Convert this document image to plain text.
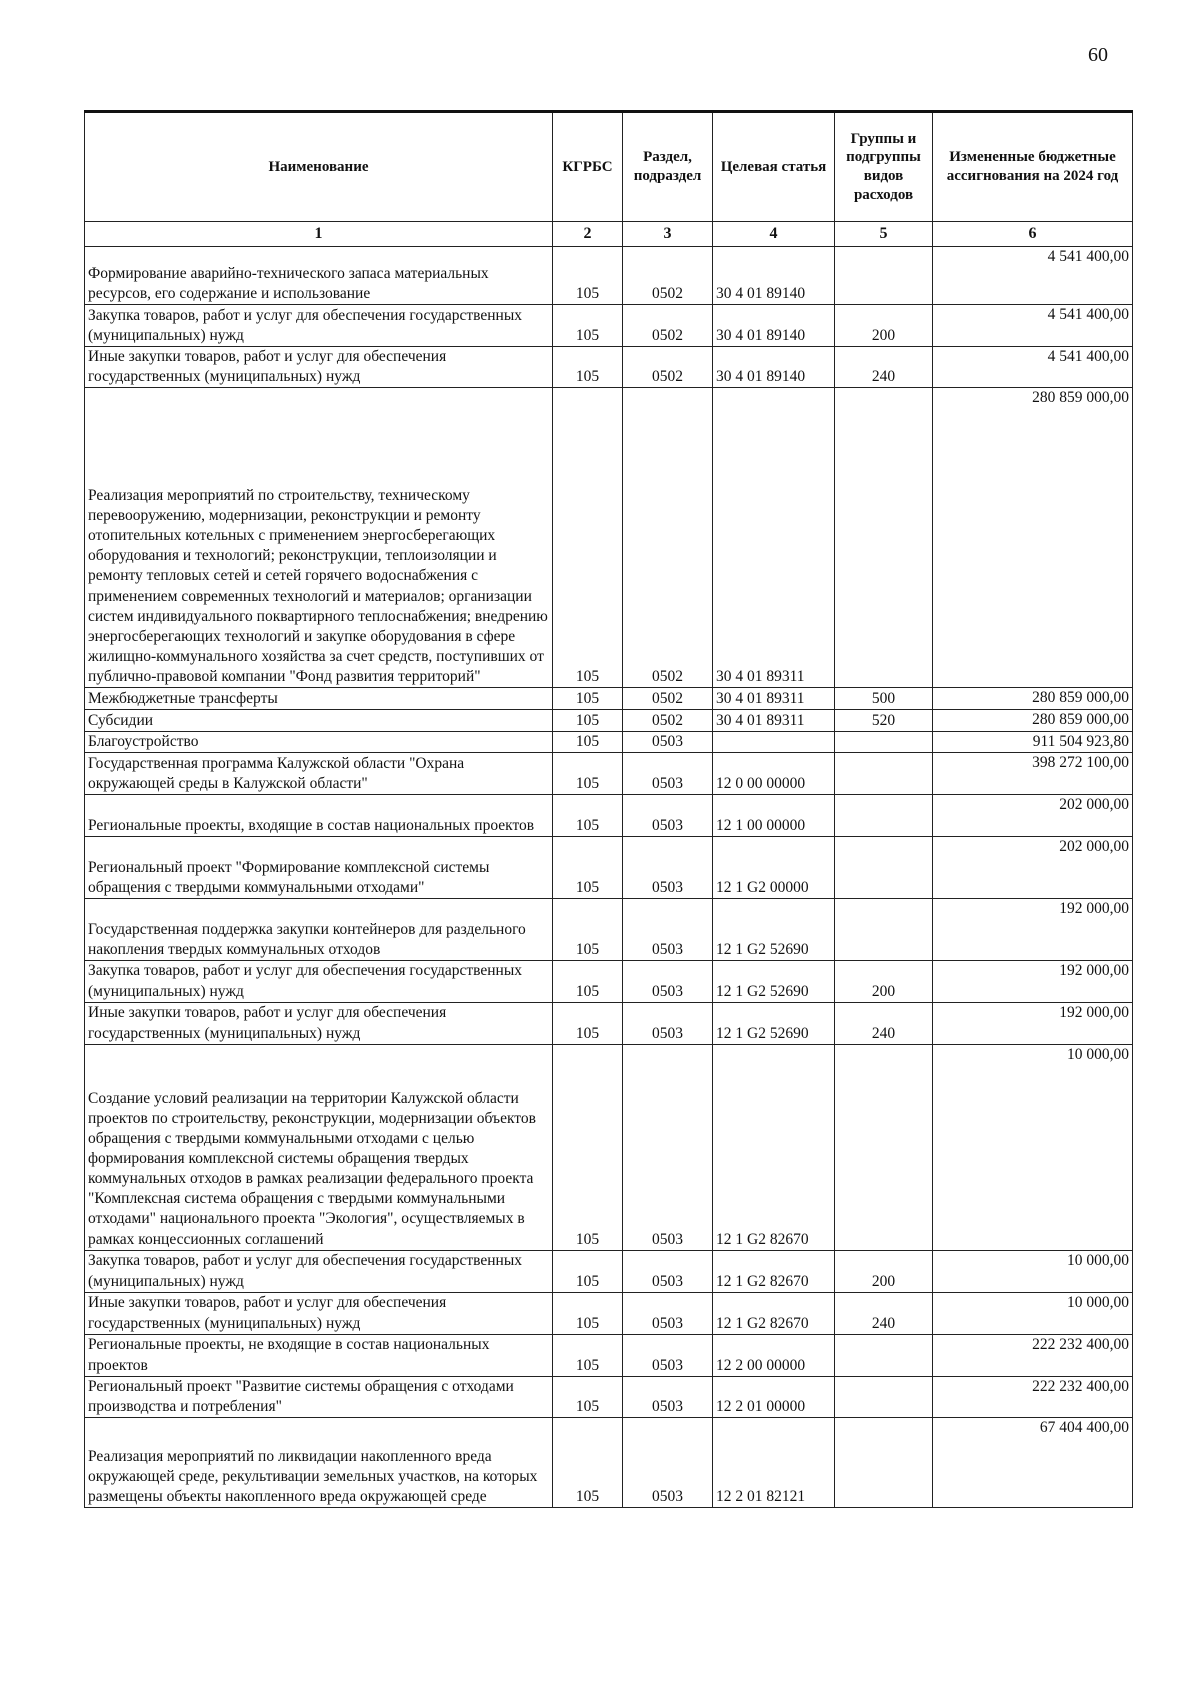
60
Наименование	КГРБС	Раздел, подраздел	Целевая статья	Группы и подгруппы видов расходов	Измененные бюджетные ассигнования на 2024 год
1	2	3	4	5	6
Формирование аварийно-технического запаса материальных ресурсов, его содержание и использование	105	0502	30 4 01 89140		4 541 400,00
Закупка товаров, работ и услуг для обеспечения государственных (муниципальных) нужд	105	0502	30 4 01 89140	200	4 541 400,00
Иные закупки товаров, работ и услуг для обеспечения государственных (муниципальных) нужд	105	0502	30 4 01 89140	240	4 541 400,00
Реализация мероприятий по строительству, техническому перевооружению, модернизации, реконструкции и ремонту отопительных котельных с применением энергосберегающих оборудования и технологий; реконструкции, теплоизоляции и ремонту тепловых сетей и сетей горячего водоснабжения с применением современных технологий и материалов; организации систем индивидуального поквартирного теплоснабжения; внедрению энергосберегающих технологий и закупке оборудования в сфере жилищно-коммунального хозяйства за счет средств, поступивших от публично-правовой компании "Фонд развития территорий"	105	0502	30 4 01 89311		280 859 000,00
Межбюджетные трансферты	105	0502	30 4 01 89311	500	280 859 000,00
Субсидии	105	0502	30 4 01 89311	520	280 859 000,00
Благоустройство	105	0503			911 504 923,80
Государственная программа Калужской области "Охрана окружающей среды в Калужской области"	105	0503	12 0 00 00000		398 272 100,00
Региональные проекты, входящие в состав национальных проектов	105	0503	12 1 00 00000		202 000,00
Региональный проект "Формирование комплексной системы обращения с твердыми коммунальными отходами"	105	0503	12 1 G2 00000		202 000,00
Государственная поддержка закупки контейнеров для раздельного накопления твердых коммунальных отходов	105	0503	12 1 G2 52690		192 000,00
Закупка товаров, работ и услуг для обеспечения государственных (муниципальных) нужд	105	0503	12 1 G2 52690	200	192 000,00
Иные закупки товаров, работ и услуг для обеспечения государственных (муниципальных) нужд	105	0503	12 1 G2 52690	240	192 000,00
Создание условий реализации на территории Калужской области проектов по строительству, реконструкции, модернизации объектов обращения с твердыми коммунальными отходами с целью формирования комплексной системы обращения твердых коммунальных отходов в рамках реализации федерального проекта "Комплексная система обращения с твердыми коммунальными отходами" национального проекта "Экология", осуществляемых в рамках концессионных соглашений	105	0503	12 1 G2 82670		10 000,00
Закупка товаров, работ и услуг для обеспечения государственных (муниципальных) нужд	105	0503	12 1 G2 82670	200	10 000,00
Иные закупки товаров, работ и услуг для обеспечения государственных (муниципальных) нужд	105	0503	12 1 G2 82670	240	10 000,00
Региональные проекты, не входящие в состав национальных проектов	105	0503	12 2 00 00000		222 232 400,00
Региональный проект "Развитие системы обращения с отходами производства и потребления"	105	0503	12 2 01 00000		222 232 400,00
Реализация мероприятий по ликвидации накопленного вреда окружающей среде, рекультивации земельных участков, на которых размещены объекты накопленного вреда окружающей среде	105	0503	12 2 01 82121		67 404 400,00
